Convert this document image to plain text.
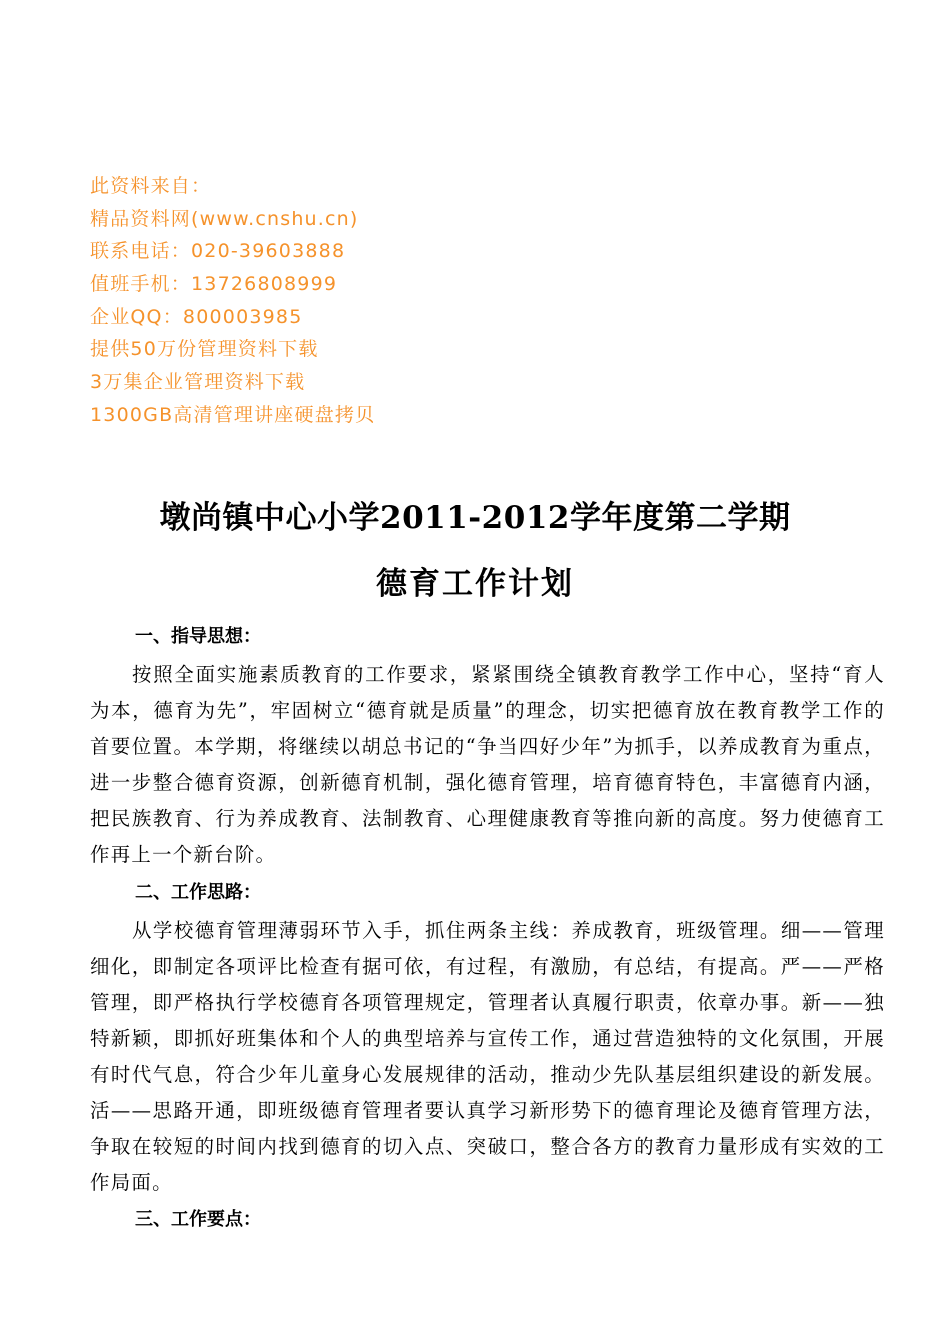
此资料来自：
精品资料网(www.cnshu.cn)
联系电话：020-39603888
值班手机：13726808999
企业QQ：800003985
提供50万份管理资料下载
3万集企业管理资料下载
1300GB高清管理讲座硬盘拷贝
墩尚镇中心小学2011-2012学年度第二学期
德育工作计划
一、指导思想：

按照全面实施素质教育的工作要求，紧紧围绕全镇教育教学工作中心，坚持“育人为本，德育为先”，牢固树立“德育就是质量”的理念，切实把德育放在教育教学工作的首要位置。本学期，将继续以胡总书记的“争当四好少年”为抓手，以养成教育为重点，进一步整合德育资源，创新德育机制，强化德育管理，培育德育特色，丰富德育内涵，把民族教育、行为养成教育、法制教育、心理健康教育等推向新的高度。努力使德育工作再上一个新台阶。

二、工作思路：

从学校德育管理薄弱环节入手，抓住两条主线：养成教育，班级管理。细——管理细化，即制定各项评比检查有据可依，有过程，有激励，有总结，有提高。严——严格管理，即严格执行学校德育各项管理规定，管理者认真履行职责，依章办事。新——独特新颖，即抓好班集体和个人的典型培养与宣传工作，通过营造独特的文化氛围，开展有时代气息，符合少年儿童身心发展规律的活动，推动少先队基层组织建设的新发展。活——思路开通，即班级德育管理者要认真学习新形势下的德育理论及德育管理方法，争取在较短的时间内找到德育的切入点、突破口，整合各方的教育力量形成有实效的工作局面。

三、工作要点：
